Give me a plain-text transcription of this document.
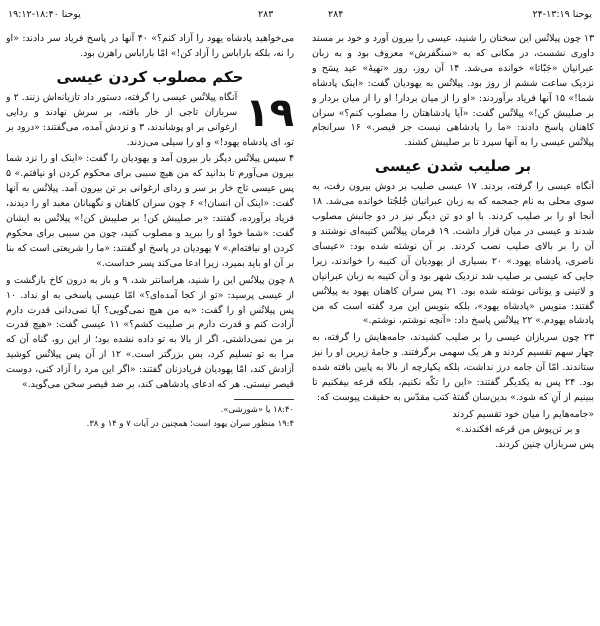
یوحنا ۱۸:۴۰-۱۹:۱۲	۲۸۳	۲۸۴	یوحنا ۱۳:۱۹-۲۴

می‌خواهید پادشاه یهود را آزاد کنم؟» ۴۰ آنها در پاسخ فریاد سر دادند: «او را نه، بلکه باراباس را آزاد کن!» امّا باراباس راهزن بود.

حکم مصلوب کردن عیسی

۱۹
آنگاه پیلاتُس عیسی را گرفته، دستور داد تازیانه‌اش زنند. ۲ و سربازان تاجی از خار بافته، بر سرش نهادند و ردایی ارغوانی بر او پوشاندند، ۳ و نزدش آمده، می‌گفتند: «درود بر تو، ای پادشاه یهود!» و او را سیلی می‌زدند.

۴ سپس پیلاتُس دیگر بار بیرون آمد و یهودیان را گفت: «اینک او را نزد شما بیرون می‌آورم تا بدانید که من هیچ سببی برای محکوم کردن او نیافتم.» ۵ پس عیسی تاج خار بر سر و ردای ارغوانی بر تن بیرون آمد. پیلاتُس به آنها گفت: «اینک آن انسان!» ۶ چون سران کاهنان و نگهبانان معبد او را دیدند، فریاد برآورده، گفتند: «بر صلیبش کن! بر صلیبش کن!» پیلاتُس به ایشان گفت: «شما خودْ او را ببرید و مصلوب کنید، چون من سببی برای محکوم کردن او نیافته‌ام.» ۷ یهودیان در پاسخ او گفتند: «ما را شریعتی است که بنا بر آن او باید بمیرد، زیرا ادعا می‌کند پسر خداست.»

۸ چون پیلاتُس این را شنید، هراسانتر شد، ۹ و باز به درون کاخ بازگشت و از عیسی پرسید: «تو از کجا آمده‌ای؟» امّا عیسی پاسخی به او نداد. ۱۰ پس پیلاتُس او را گفت: «به من هیچ نمی‌گویی؟ آیا نمی‌دانی قدرت دارم آزادت کنم و قدرت دارم بر صلیبت کشم؟» ۱۱ عیسی گفت: «هیچ قدرت بر من نمی‌داشتی، اگر از بالا به تو داده نشده بود؛ از این رو، گناه آن که مرا به تو تسلیم کرد، بس بزرگتر است.» ۱۲ از آن پس پیلاتُس کوشید آزادش کند، امّا یهودیان فریادزنان گفتند: «اگر این مرد را آزاد کنی، دوست قیصر نیستی. هر که ادعای پادشاهی کند، بر ضد قیصر سخن می‌گوید.»

۱۸:۴۰ یا «شورشی».

۱۹:۴ منظور سران یهود است؛ همچنین در آیات ۷ و ۱۴ و ۳۸.

۱۳ چون پیلاتُس این سخنان را شنید، عیسی را بیرون آورد و خود بر مسند داوری نشست، در مکانی که به «سنگفرش» معروف بود و به زبان عبرانیان «جَبّاتا» خوانده می‌شد. ۱۴ آن روز، روز «تهیهٔ» عید پسَح و نزدیک ساعت ششم از روز بود. پیلاتُس به یهودیان گفت: «اینک پادشاه شما!» ۱۵ آنها فریاد برآوردند: «او را از میان بردار! او را از میان بردار و بر صلیبش کن!» پیلاتُس گفت: «آیا پادشاهتان را مصلوب کنم؟» سران کاهنان پاسخ دادند: «ما را پادشاهی نیست جز قیصر.» ۱۶ سرانجام پیلاتُس عیسی را به آنها سپرد تا بر صلیبش کشند.

بر صلیب شدن عیسی

آنگاه عیسی را گرفته، بردند. ۱۷ عیسی صلیب بر دوش بیرون رفت، به سوی محلی به نام جمجمه که به زبان عبرانیان جُلجُتا خوانده می‌شد. ۱۸ آنجا او را بر صلیب کردند. با او دو تن دیگر نیز در دو جانبش مصلوب شدند و عیسی در میان قرار داشت. ۱۹ فرمان پیلاتُس کتیبه‌ای نوشتند و آن را بر بالای صلیب نصب کردند. بر آن نوشته شده بود: «عیسای ناصری، پادشاه یهود.» ۲۰ بسیاری از یهودیان آن کتیبه را خواندند، زیرا جایی که عیسی بر صلیب شد نزدیک شهر بود و آن کتیبه به زبان عبرانیان و لاتینی و یونانی نوشته شده بود. ۲۱ پس سران کاهنان یهود به پیلاتُس گفتند: منویس «پادشاه یهود»، بلکه بنویس این مرد گفته است که من پادشاه یهودم.» ۲۲ پیلاتُس پاسخ داد: «آنچه نوشتم، نوشتم.»

۲۳ چون سربازان عیسی را بر صلیب کشیدند، جامه‌هایش را گرفته، به چهار سهم تقسیم کردند و هر یک سهمی برگرفتند. و جامهٔ زیرین او را نیز ستاندند. امّا آن جامه درز نداشت، بلکه یکپارچه از بالا به پایین بافته شده بود. ۲۴ پس به یکدیگر گفتند: «این را تکّه نکنیم، بلکه قرعه بیفکنیم تا ببینیم از آنِ که شود.» بدین‌سان گفتهٔ کتب مقدّس به حقیقت پیوست که:

«جامه‌هایم را میان خود تقسیم کردند
و بر تن‌پوش من قرعه افکندند.»
پس سربازان چنین کردند.
